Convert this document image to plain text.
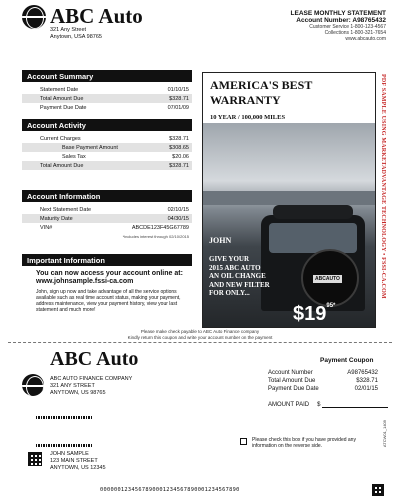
ABC Auto
321 Any Street
Anytown, USA 98765
LEASE MONTHLY STATEMENT
Account Number: A98765432
Customer Service 1-800-123-4567
Collections 1-800-321-7654
www.abcauto.com
Account Summary
Statement Date	01/10/15
Total Amount Due	$328.71
Payment Due Date	07/01/09
Account Activity
Current Charges	$328.71
Base Payment Amount	$308.65
Sales Tax	$20.06
Total Amount Due	$328.71
Account Information
Next Statement Date	02/10/15
Maturity Date	04/30/15
VIN#	ABCDE123F45G67789
*includes interest through 02/10/2015
Important Information
You can now access your account online at:
www.johnsample.fssi-ca.com
John, sign up now and take advantage of all the service options available such as real time account status, making your payment, address maintenance, view your payment history, view your last statement and much more!
AMERICA'S BEST WARRANTY
10 YEAR / 100,000 MILES
ABCAUTO
JOHN
GIVE YOUR
2015 ABC AUTO
AN OIL CHANGE
AND NEW FILTER
FOR ONLY...
$\$19^{95*}$
PDF SAMPLE USING MARKETADVANTAGE TECHNOLOGY • FSSI-CA.COM
Please make check payable to ABC Auto Finance company
Kindly return this coupon and write your account number on the payment
ABC Auto
ABC AUTO FINANCE COMPANY
321 ANY STREET
ANYTOWN, US 98765
Payment Coupon
Account Number	A98765432
Total Amount Due	$328.71
Payment Due Date	02/01/15
AMOUNT PAID $
JOHN SAMPLE
123 MAIN STREET
ANYTOWN, US 12345
Please check this box if you have provided any information on the reverse side.	ATCW01_1409
0000001234567890001234567890001234567890
